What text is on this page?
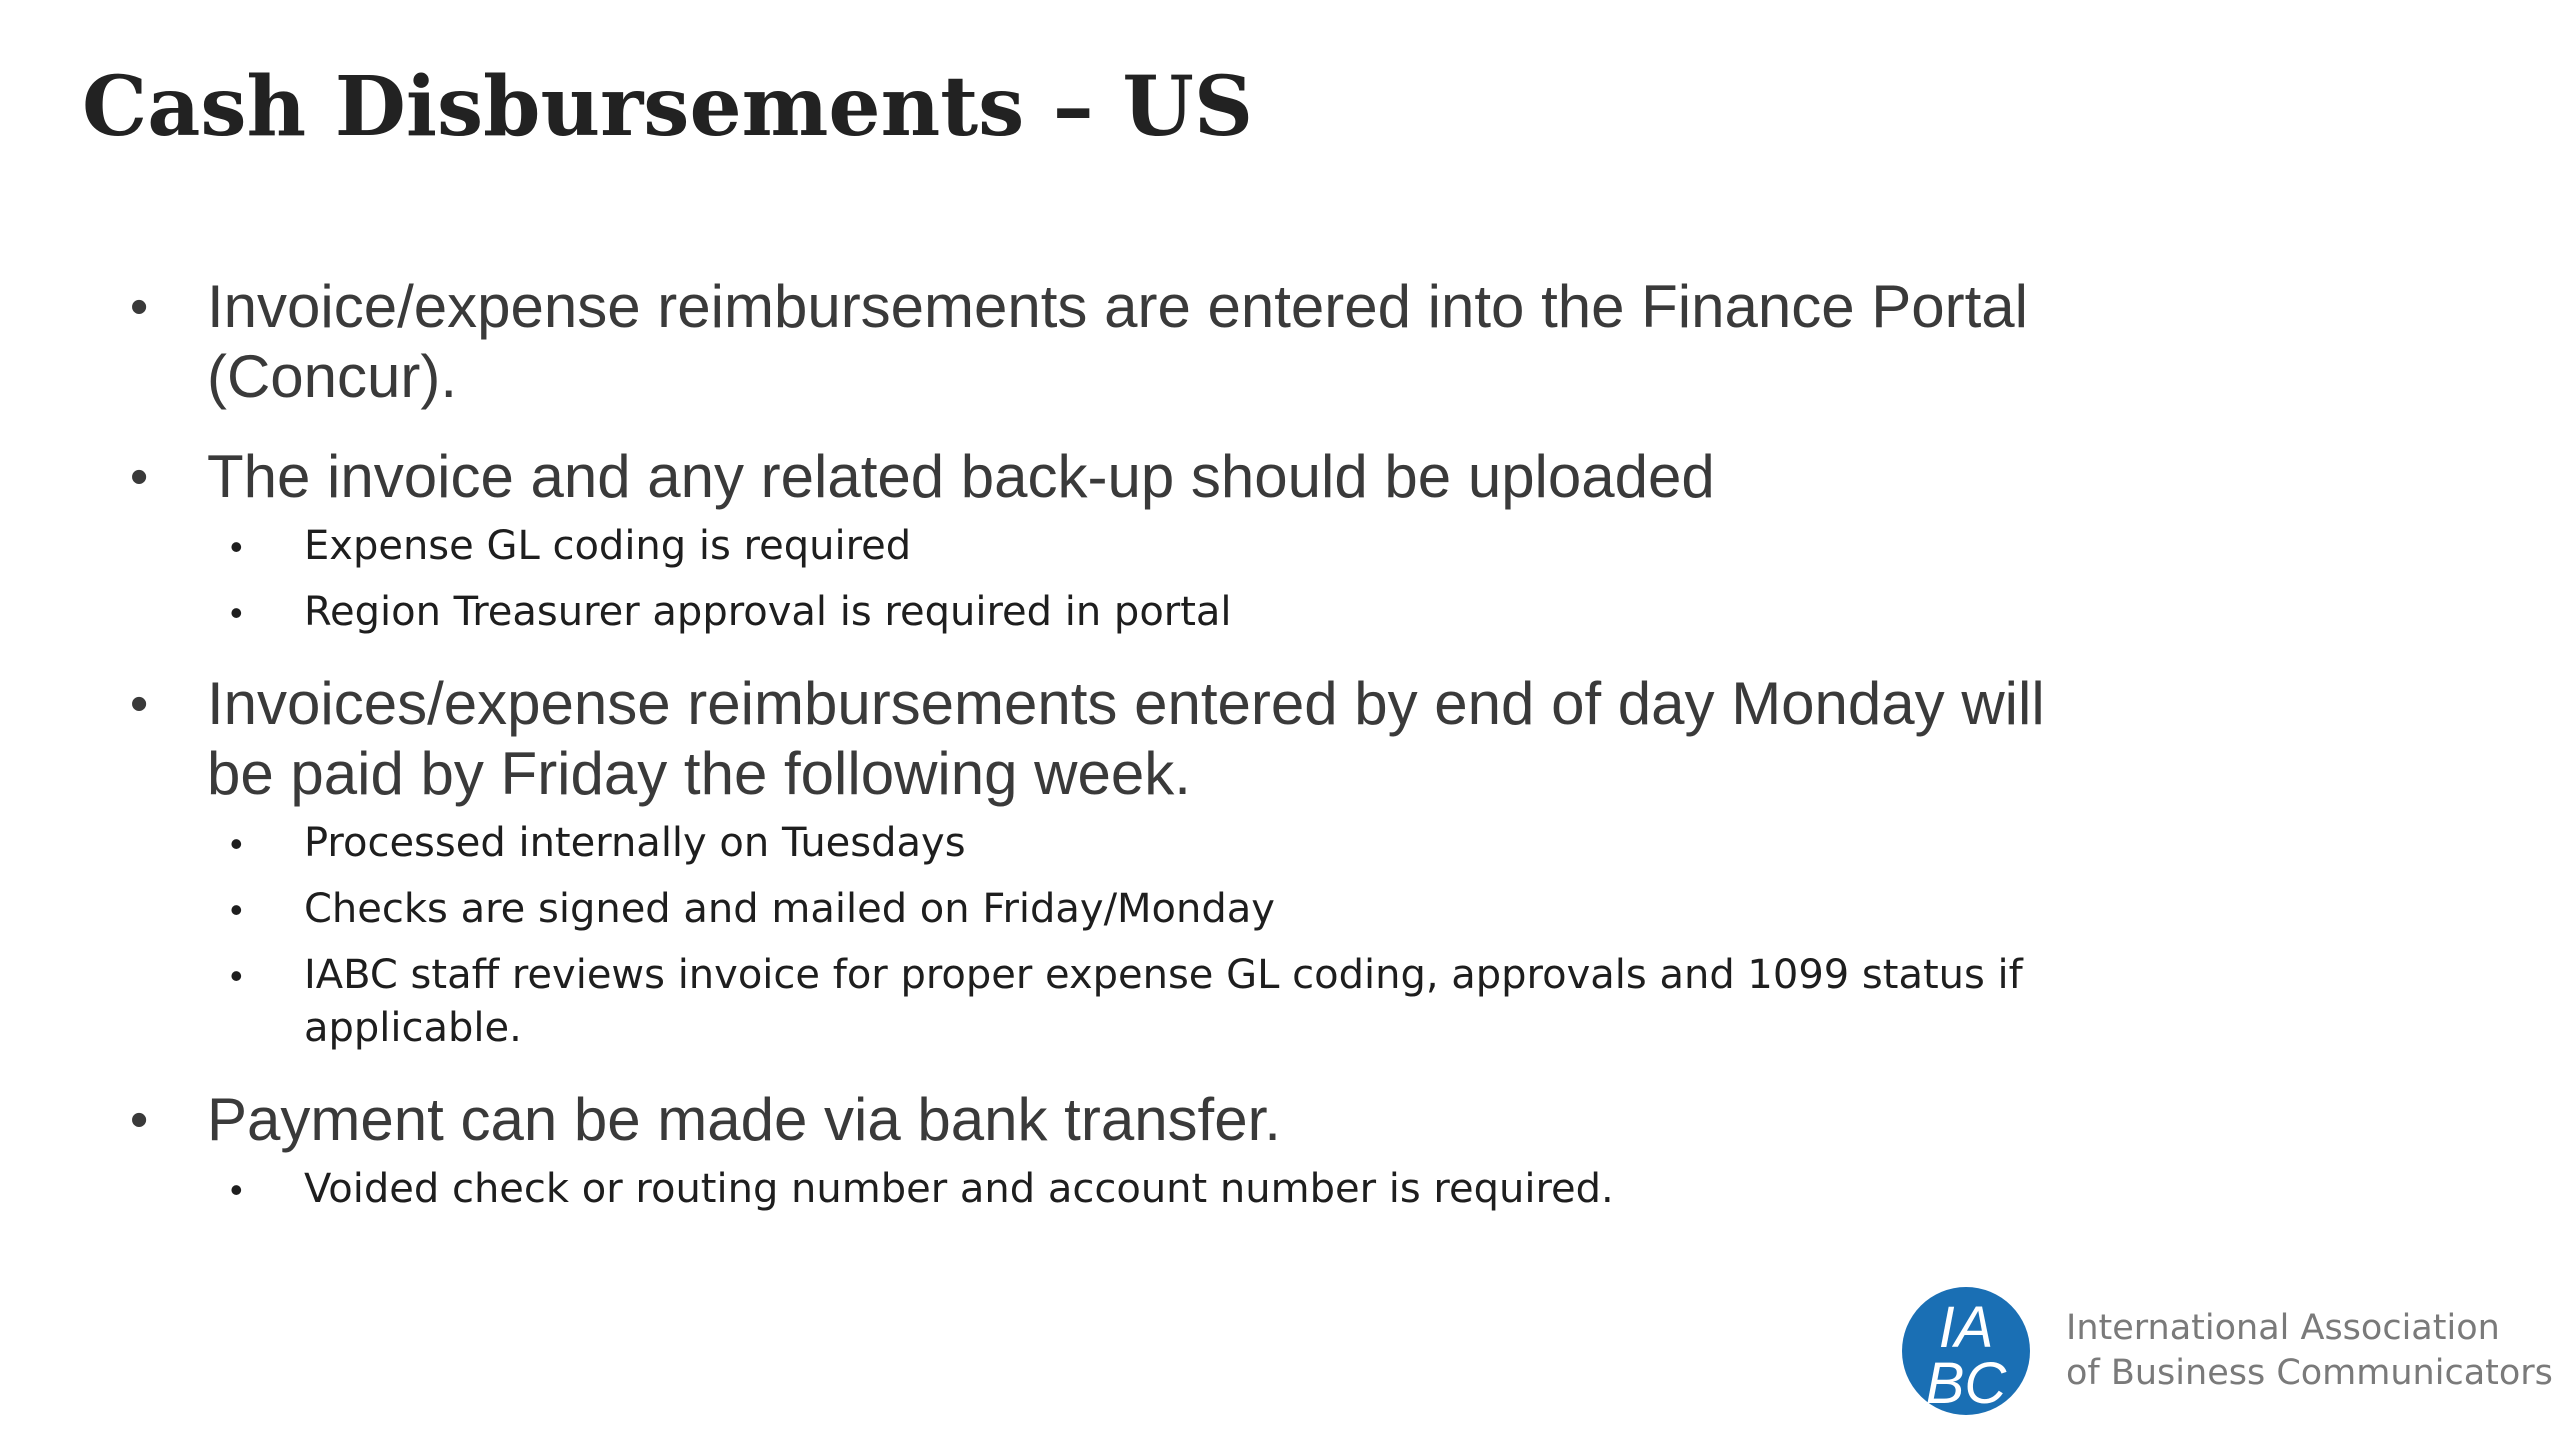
Cash Disbursements – US
• Invoice/expense reimbursements are entered into the Finance Portal (Concur).
• The invoice and any related back-up should be uploaded
•	Expense GL coding is required
•	Region Treasurer approval is required in portal
• Invoices/expense reimbursements entered by end of day Monday will be paid by Friday the following week.
•	Processed internally on Tuesdays
•	Checks are signed and mailed on Friday/Monday
•	IABC staff reviews invoice for proper expense GL coding, approvals and 1099 status if applicable.
• Payment can be made via bank transfer.
•	Voided check or routing number and account number is required.
IA
BC
International Association
of Business Communicators
